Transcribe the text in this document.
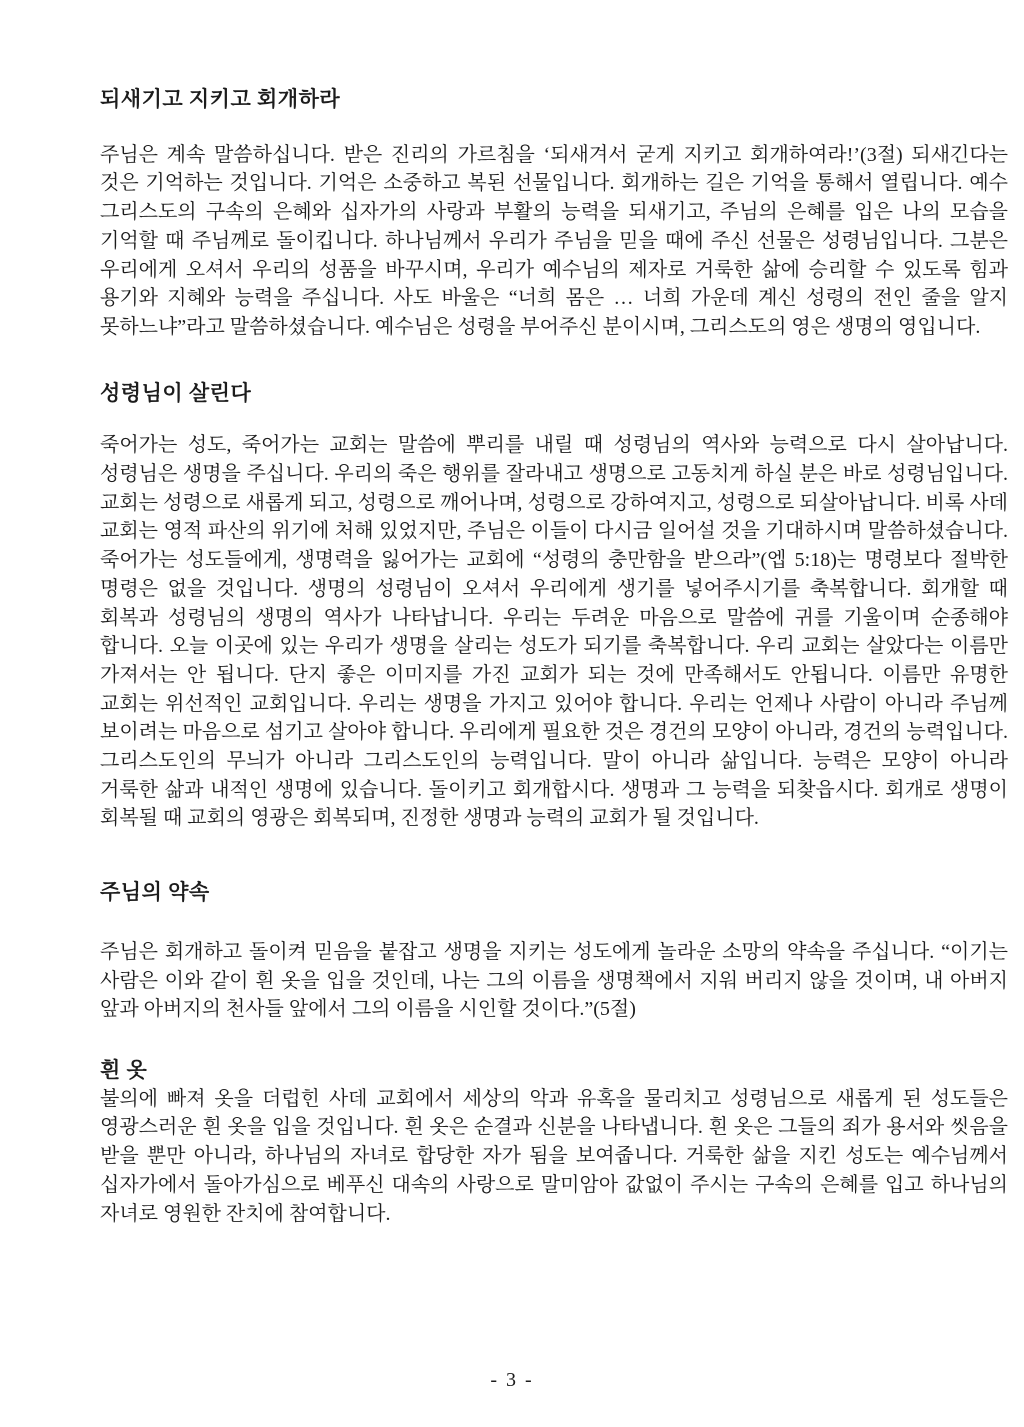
되새기고 지키고 회개하라

주님은 계속 말씀하십니다. 받은 진리의 가르침을 ‘되새겨서 굳게 지키고 회개하여라!’(3절) 되새긴다는 것은 기억하는 것입니다. 기억은 소중하고 복된 선물입니다. 회개하는 길은 기억을 통해서 열립니다. 예수 그리스도의 구속의 은혜와 십자가의 사랑과 부활의 능력을 되새기고, 주님의 은혜를 입은 나의 모습을 기억할 때 주님께로 돌이킵니다. 하나님께서 우리가 주님을 믿을 때에 주신 선물은 성령님입니다. 그분은 우리에게 오셔서 우리의 성품을 바꾸시며, 우리가 예수님의 제자로 거룩한 삶에 승리할 수 있도록 힘과 용기와 지혜와 능력을 주십니다. 사도 바울은 “너희 몸은 … 너희 가운데 계신 성령의 전인 줄을 알지 못하느냐”라고 말씀하셨습니다. 예수님은 성령을 부어주신 분이시며, 그리스도의 영은 생명의 영입니다.

성령님이 살린다

죽어가는 성도, 죽어가는 교회는 말씀에 뿌리를 내릴 때 성령님의 역사와 능력으로 다시 살아납니다. 성령님은 생명을 주십니다. 우리의 죽은 행위를 잘라내고 생명으로 고동치게 하실 분은 바로 성령님입니다. 교회는 성령으로 새롭게 되고, 성령으로 깨어나며, 성령으로 강하여지고, 성령으로 되살아납니다. 비록 사데 교회는 영적 파산의 위기에 처해 있었지만, 주님은 이들이 다시금 일어설 것을 기대하시며 말씀하셨습니다. 죽어가는 성도들에게, 생명력을 잃어가는 교회에 “성령의 충만함을 받으라”(엡 5:18)는 명령보다 절박한 명령은 없을 것입니다. 생명의 성령님이 오셔서 우리에게 생기를 넣어주시기를 축복합니다. 회개할 때 회복과 성령님의 생명의 역사가 나타납니다. 우리는 두려운 마음으로 말씀에 귀를 기울이며 순종해야 합니다. 오늘 이곳에 있는 우리가 생명을 살리는 성도가 되기를 축복합니다. 우리 교회는 살았다는 이름만 가져서는 안 됩니다. 단지 좋은 이미지를 가진 교회가 되는 것에 만족해서도 안됩니다. 이름만 유명한 교회는 위선적인 교회입니다. 우리는 생명을 가지고 있어야 합니다. 우리는 언제나 사람이 아니라 주님께 보이려는 마음으로 섬기고 살아야 합니다. 우리에게 필요한 것은 경건의 모양이 아니라, 경건의 능력입니다. 그리스도인의 무늬가 아니라 그리스도인의 능력입니다. 말이 아니라 삶입니다. 능력은 모양이 아니라 거룩한 삶과 내적인 생명에 있습니다. 돌이키고 회개합시다. 생명과 그 능력을 되찾읍시다. 회개로 생명이 회복될 때 교회의 영광은 회복되며, 진정한 생명과 능력의 교회가 될 것입니다.

주님의 약속

주님은 회개하고 돌이켜 믿음을 붙잡고 생명을 지키는 성도에게 놀라운 소망의 약속을 주십니다. “이기는 사람은 이와 같이 흰 옷을 입을 것인데, 나는 그의 이름을 생명책에서 지워 버리지 않을 것이며, 내 아버지 앞과 아버지의 천사들 앞에서 그의 이름을 시인할 것이다.”(5절)

흰 옷

불의에 빠져 옷을 더럽힌 사데 교회에서 세상의 악과 유혹을 물리치고 성령님으로 새롭게 된 성도들은 영광스러운 흰 옷을 입을 것입니다. 흰 옷은 순결과 신분을 나타냅니다. 흰 옷은 그들의 죄가 용서와 씻음을 받을 뿐만 아니라, 하나님의 자녀로 합당한 자가 됨을 보여줍니다. 거룩한 삶을 지킨 성도는 예수님께서 십자가에서 돌아가심으로 베푸신 대속의 사랑으로 말미암아 값없이 주시는 구속의 은혜를 입고 하나님의 자녀로 영원한 잔치에 참여합니다.

- 3 -
